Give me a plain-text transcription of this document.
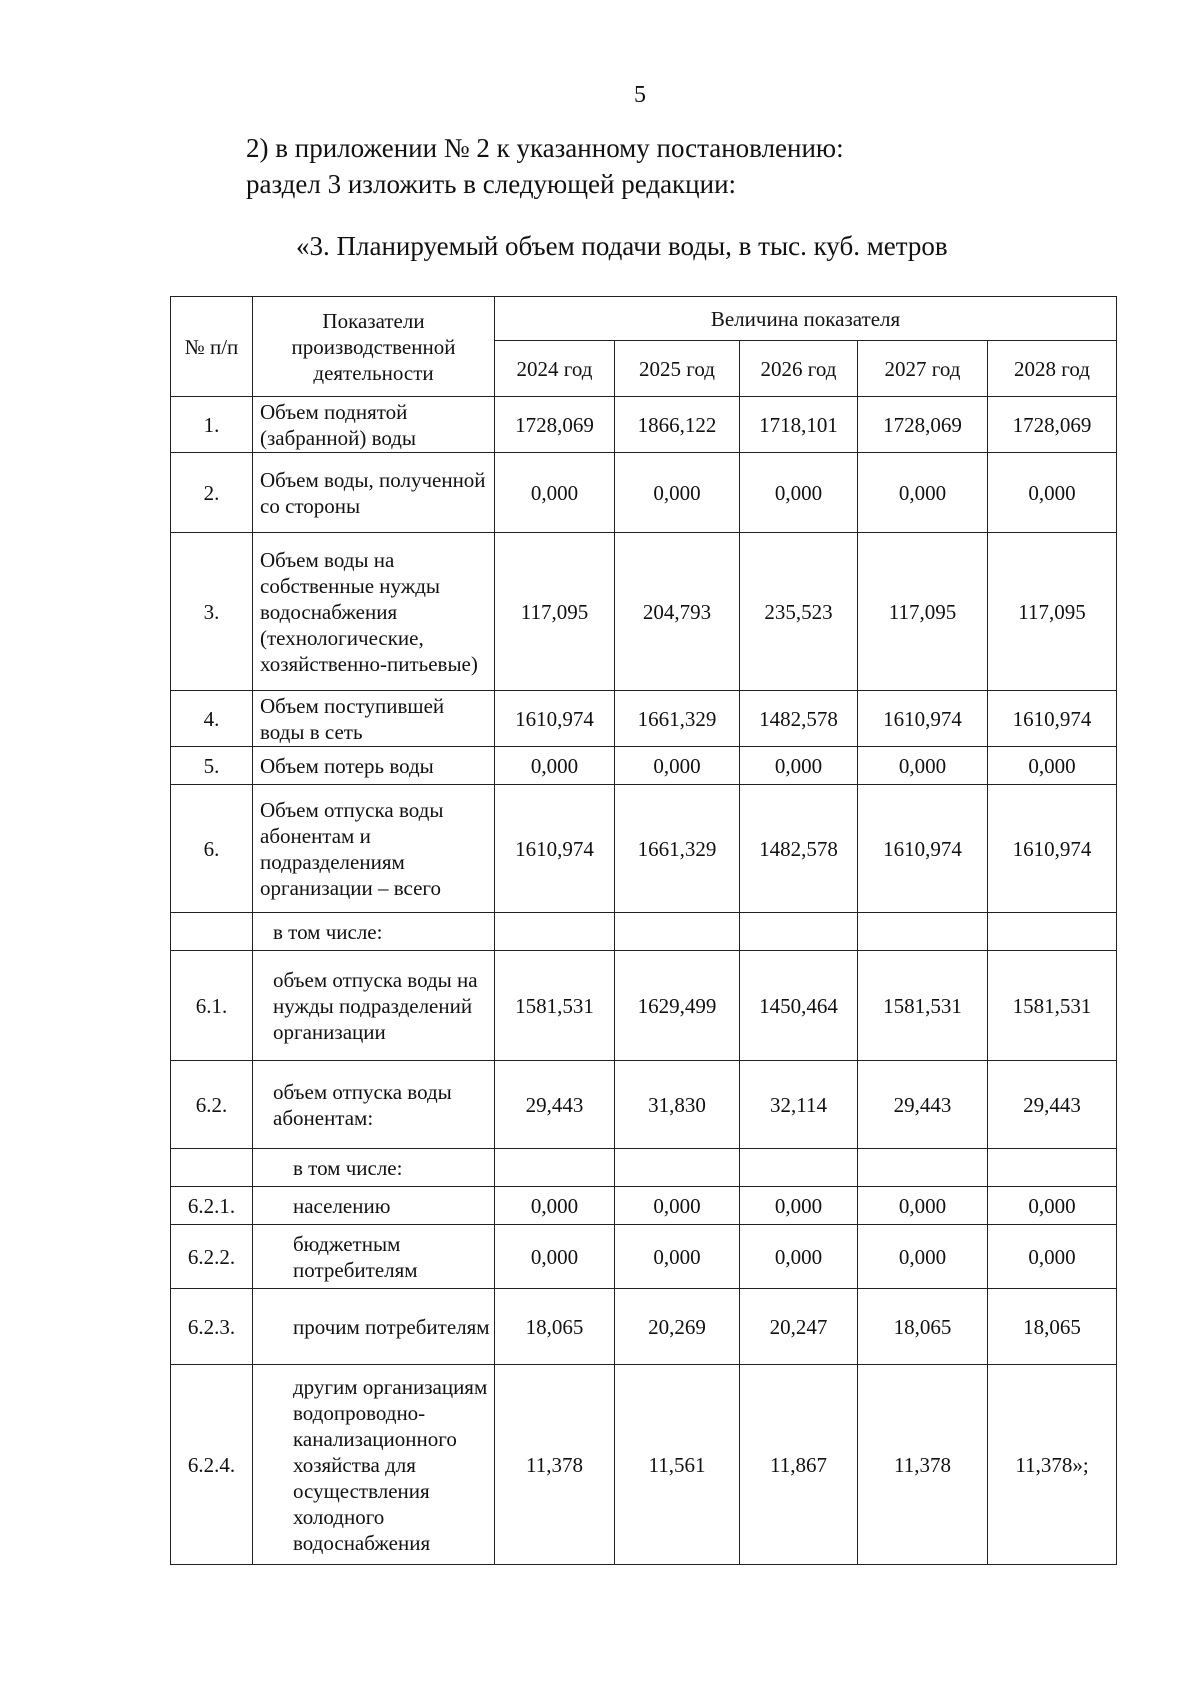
5
2) в приложении № 2 к указанному постановлению:
раздел 3 изложить в следующей редакции:
«3. Планируемый объем подачи воды, в тыс. куб. метров
№ п/п	Показатели производственной деятельности	Величина показателя				
		2024 год	2025 год	2026 год	2027 год	2028 год
1.	Объем поднятой (забранной) воды	1728,069	1866,122	1718,101	1728,069	1728,069
2.	Объем воды, полученной со стороны	0,000	0,000	0,000	0,000	0,000
3.	Объем воды на собственные нужды водоснабжения (технологические, хозяйственно-питьевые)	117,095	204,793	235,523	117,095	117,095
4.	Объем поступившей воды в сеть	1610,974	1661,329	1482,578	1610,974	1610,974
5.	Объем потерь воды	0,000	0,000	0,000	0,000	0,000
6.	Объем отпуска воды абонентам и подразделениям организации – всего	1610,974	1661,329	1482,578	1610,974	1610,974
	в том числе:					
6.1.	объем отпуска воды на нужды подразделений организации	1581,531	1629,499	1450,464	1581,531	1581,531
6.2.	объем отпуска воды абонентам:	29,443	31,830	32,114	29,443	29,443
	в том числе:					
6.2.1.	населению	0,000	0,000	0,000	0,000	0,000
6.2.2.	бюджетным потребителям	0,000	0,000	0,000	0,000	0,000
6.2.3.	прочим потребителям	18,065	20,269	20,247	18,065	18,065
6.2.4.	другим организациям водопроводно-канализационного хозяйства для осуществления холодного водоснабжения	11,378	11,561	11,867	11,378	11,378»;
